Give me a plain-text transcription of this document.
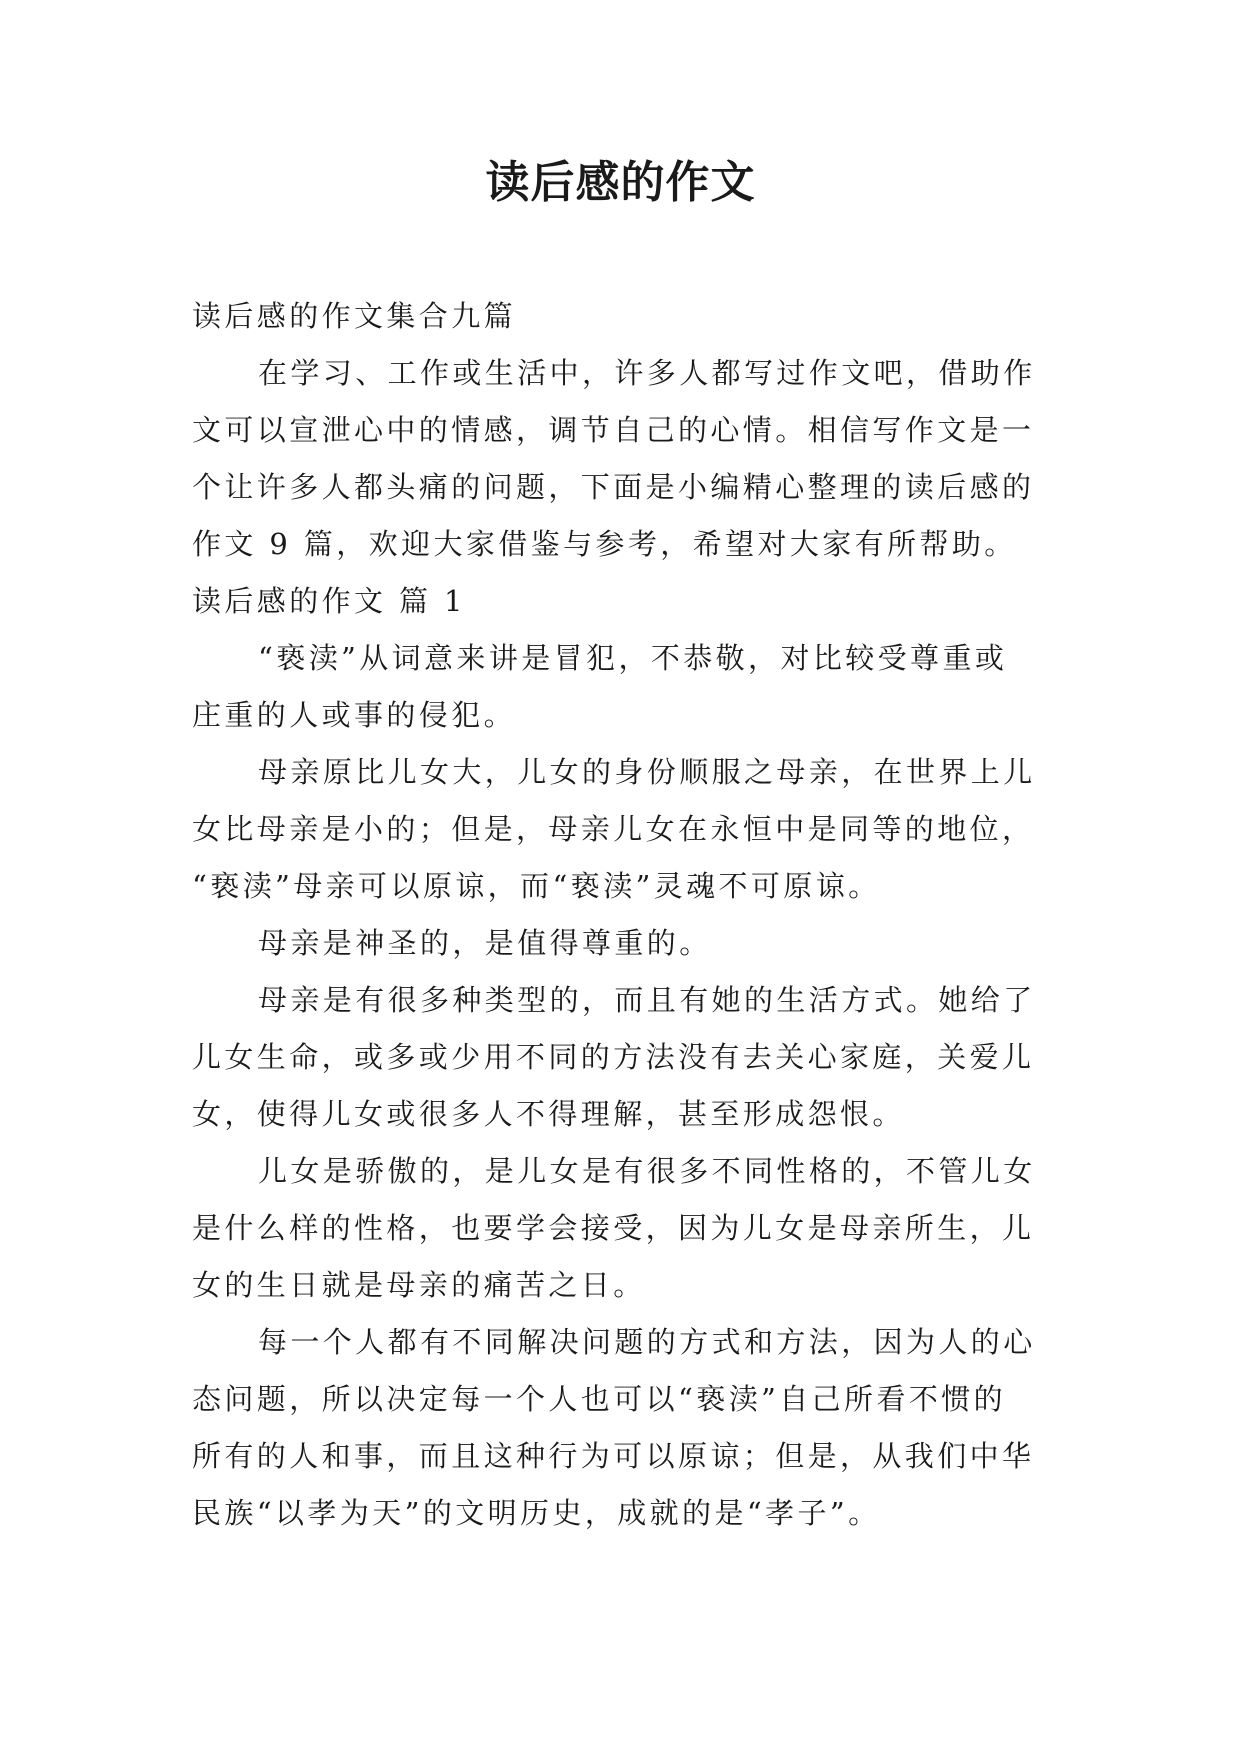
读后感的作文

读后感的作文集合九篇

在学习、工作或生活中，许多人都写过作文吧，借助作

文可以宣泄心中的情感，调节自己的心情。相信写作文是一

个让许多人都头痛的问题，下面是小编精心整理的读后感的

作文 9 篇，欢迎大家借鉴与参考，希望对大家有所帮助。

读后感的作文 篇 1

“亵渎”从词意来讲是冒犯，不恭敬，对比较受尊重或

庄重的人或事的侵犯。

母亲原比儿女大，儿女的身份顺服之母亲，在世界上儿

女比母亲是小的；但是，母亲儿女在永恒中是同等的地位，

“亵渎”母亲可以原谅，而“亵渎”灵魂不可原谅。

母亲是神圣的，是值得尊重的。

母亲是有很多种类型的，而且有她的生活方式。她给了

儿女生命，或多或少用不同的方法没有去关心家庭，关爱儿

女，使得儿女或很多人不得理解，甚至形成怨恨。

儿女是骄傲的，是儿女是有很多不同性格的，不管儿女

是什么样的性格，也要学会接受，因为儿女是母亲所生，儿

女的生日就是母亲的痛苦之日。

每一个人都有不同解决问题的方式和方法，因为人的心

态问题，所以决定每一个人也可以“亵渎”自己所看不惯的

所有的人和事，而且这种行为可以原谅；但是，从我们中华

民族“以孝为天”的文明历史，成就的是“孝子”。
